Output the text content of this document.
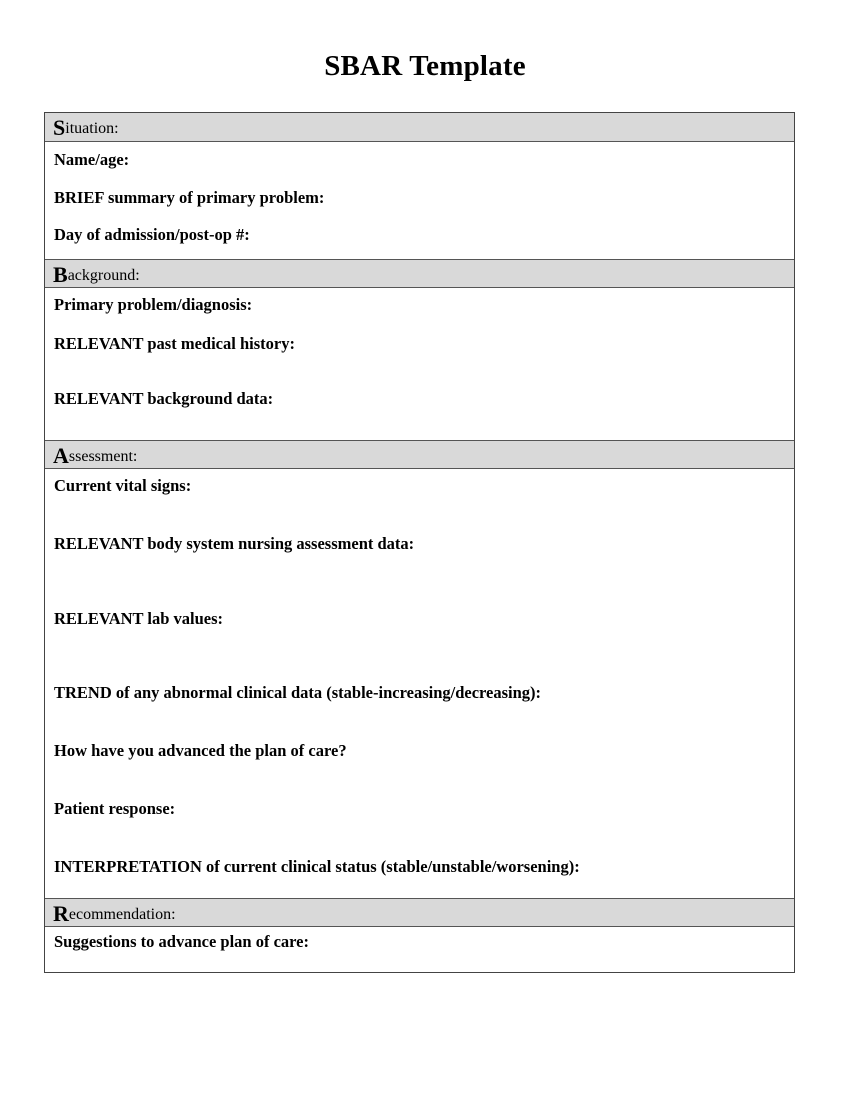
SBAR Template
S ituation:
Name/age:
BRIEF summary of primary problem:
Day of admission/post-op #:
B ackground:
Primary problem/diagnosis:
RELEVANT past medical history:
RELEVANT background data:
A ssessment:
Current vital signs:
RELEVANT body system nursing assessment data:
RELEVANT lab values:
TREND of any abnormal clinical data (stable-increasing/decreasing):
How have you advanced the plan of care?
Patient response:
INTERPRETATION of current clinical status (stable/unstable/worsening):
R ecommendation:
Suggestions to advance plan of care:
